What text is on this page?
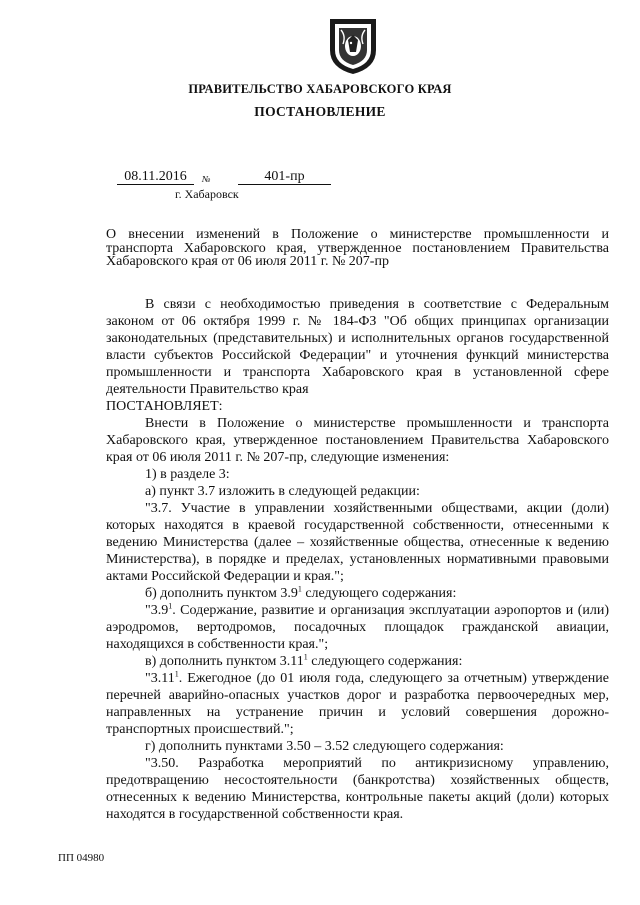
ПРАВИТЕЛЬСТВО ХАБАРОВСКОГО КРАЯ
ПОСТАНОВЛЕНИЕ
08.11.2016	№	401-пр
г. Хабаровск
О внесении изменений в Положение о министерстве промышленности и транспорта Хабаровского края, утвержденное постановлением Правительства Хабаровского края от 06 июля 2011 г. № 207-пр

В связи с необходимостью приведения в соответствие с Федеральным законом от 06 октября 1999 г. № 184-ФЗ "Об общих принципах организации законодательных (представительных) и исполнительных органов государственной власти субъектов Российской Федерации" и уточнения функций министерства промышленности и транспорта Хабаровского края в установленной сфере деятельности Правительство края

ПОСТАНОВЛЯЕТ:

Внести в Положение о министерстве промышленности и транспорта Хабаровского края, утвержденное постановлением Правительства Хабаровского края от 06 июля 2011 г. № 207-пр, следующие изменения:

1) в разделе 3:

а) пункт 3.7 изложить в следующей редакции:

"3.7. Участие в управлении хозяйственными обществами, акции (доли) которых находятся в краевой государственной собственности, отнесенными к ведению Министерства (далее – хозяйственные общества, отнесенные к ведению Министерства), в порядке и пределах, установленных нормативными правовыми актами Российской Федерации и края.";

б) дополнить пунктом $3.9^1$ следующего содержания:

"$3.9^1$. Содержание, развитие и организация эксплуатации аэропортов и (или) аэродромов, вертодромов, посадочных площадок гражданской авиации, находящихся в собственности края.";

в) дополнить пунктом 3.11$^1$ следующего содержания:

"3.11$^1$. Ежегодное (до 01 июля года, следующего за отчетным) утверждение перечней аварийно-опасных участков дорог и разработка первоочередных мер, направленных на устранение причин и условий совершения дорожно-транспортных происшествий.";

г) дополнить пунктами 3.50 – 3.52 следующего содержания:

"3.50. Разработка мероприятий по антикризисному управлению, предотвращению несостоятельности (банкротства) хозяйственных обществ, отнесенных к ведению Министерства, контрольные пакеты акций (доли) которых находятся в государственной собственности края.

ПП 04980
